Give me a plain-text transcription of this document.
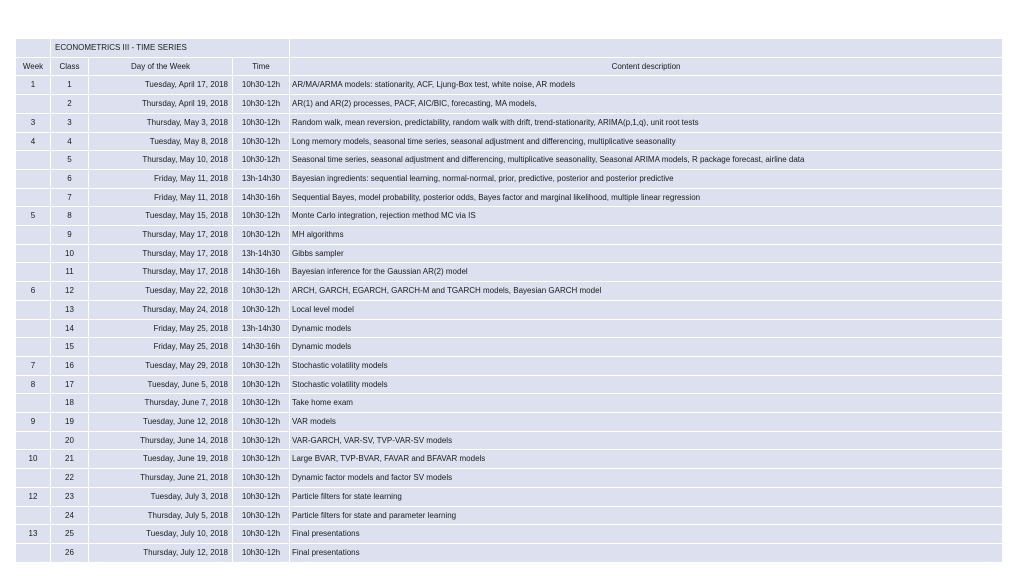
	ECONOMETRICS III - TIME SERIES			
Week	Class	Day of the Week	Time	Content description
1	1	Tuesday, April 17, 2018	10h30-12h	AR/MA/ARMA models: stationarity, ACF, Ljung-Box test, white noise, AR models
	2	Thursday, April 19, 2018	10h30-12h	AR(1) and AR(2) processes, PACF, AIC/BIC, forecasting, MA models,
3	3	Thursday, May 3, 2018	10h30-12h	Random walk, mean reversion, predictability, random walk with drift, trend-stationarity, ARIMA(p,1,q), unit root tests
4	4	Tuesday, May 8, 2018	10h30-12h	Long memory models, seasonal time series, seasonal adjustment and differencing, multiplicative seasonality
	5	Thursday, May 10, 2018	10h30-12h	Seasonal time series, seasonal adjustment and differencing, multiplicative seasonality, Seasonal ARIMA models, R package forecast, airline data
	6	Friday, May 11, 2018	13h-14h30	Bayesian ingredients: sequential learning, normal-normal, prior, predictive, posterior and posterior predictive
	7	Friday, May 11, 2018	14h30-16h	Sequential Bayes, model probability, posterior odds, Bayes factor and marginal likelihood, multiple linear regression
5	8	Tuesday, May 15, 2018	10h30-12h	Monte Carlo integration, rejection method MC via IS
	9	Thursday, May 17, 2018	10h30-12h	MH algorithms
	10	Thursday, May 17, 2018	13h-14h30	Gibbs sampler
	11	Thursday, May 17, 2018	14h30-16h	Bayesian inference for the Gaussian AR(2) model
6	12	Tuesday, May 22, 2018	10h30-12h	ARCH, GARCH, EGARCH, GARCH-M and TGARCH models, Bayesian GARCH model
	13	Thursday, May 24, 2018	10h30-12h	Local level model
	14	Friday, May 25, 2018	13h-14h30	Dynamic models
	15	Friday, May 25, 2018	14h30-16h	Dynamic models
7	16	Tuesday, May 29, 2018	10h30-12h	Stochastic volatility models
8	17	Tuesday, June 5, 2018	10h30-12h	Stochastic volatility models
	18	Thursday, June 7, 2018	10h30-12h	Take home exam
9	19	Tuesday, June 12, 2018	10h30-12h	VAR models
	20	Thursday, June 14, 2018	10h30-12h	VAR-GARCH, VAR-SV, TVP-VAR-SV models
10	21	Tuesday, June 19, 2018	10h30-12h	Large BVAR, TVP-BVAR, FAVAR and BFAVAR models
	22	Thursday, June 21, 2018	10h30-12h	Dynamic factor models and factor SV models
12	23	Tuesday, July 3, 2018	10h30-12h	Particle filters for state learning
	24	Thursday, July 5, 2018	10h30-12h	Particle filters for state and parameter learning
13	25	Tuesday, July 10, 2018	10h30-12h	Final presentations
	26	Thursday, July 12, 2018	10h30-12h	Final presentations
